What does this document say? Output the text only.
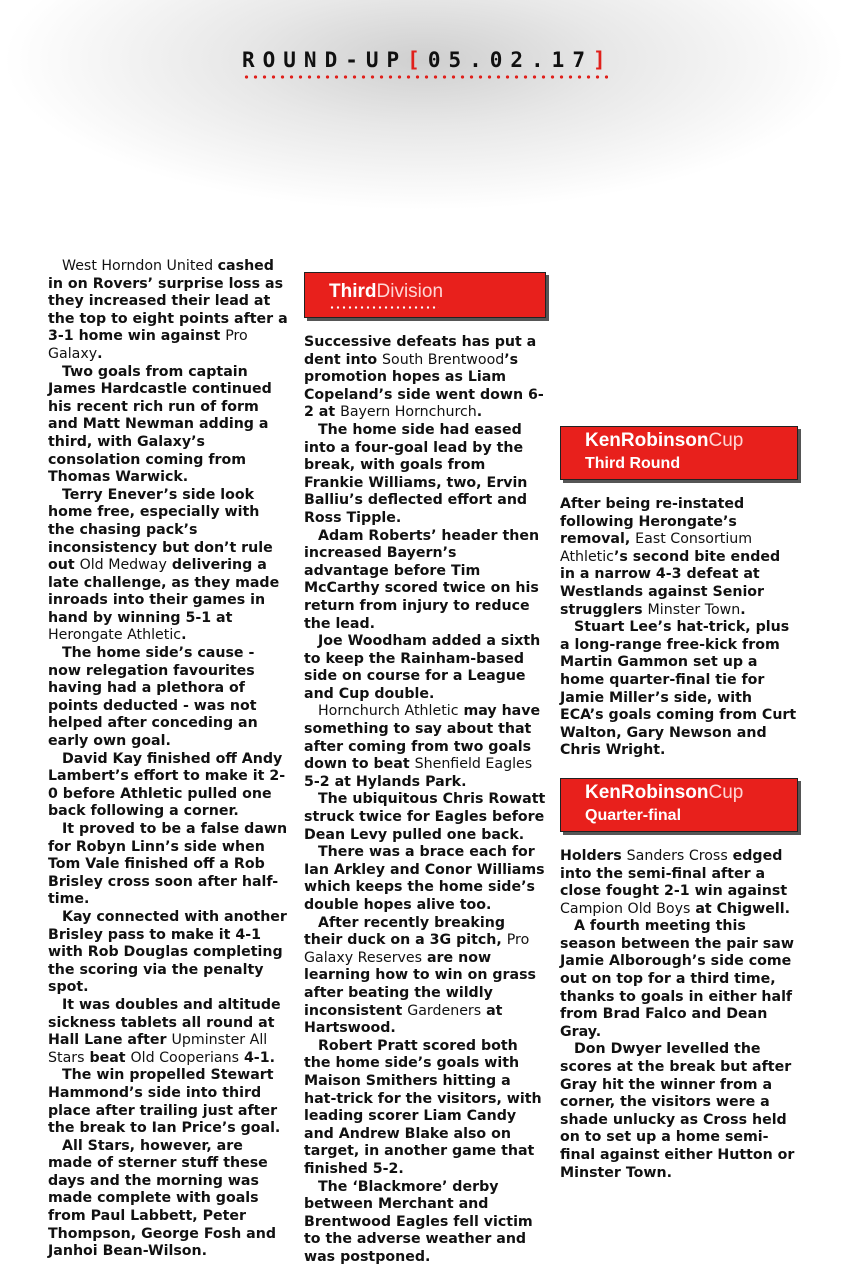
ROUND-UP[05.02.17]

West Horndon United cashed in on Rovers’ surprise loss as they increased their lead at the top to eight points after a 3-1 home win against Pro Galaxy.

Two goals from captain James Hardcastle continued his recent rich run of form and Matt Newman adding a third, with Galaxy’s consolation coming from Thomas Warwick.

Terry Enever’s side look home free, especially with the chasing pack’s inconsistency but don’t rule out Old Medway delivering a late challenge, as they made inroads into their games in hand by winning 5-1 at Herongate Athletic.

The home side’s cause - now relegation favourites having had a plethora of points deducted - was not helped after conceding an early own goal.

David Kay finished off Andy Lambert’s effort to make it 2-0 before Athletic pulled one back following a corner.

It proved to be a false dawn for Robyn Linn’s side when Tom Vale finished off a Rob Brisley cross soon after half-time.

Kay connected with another Brisley pass to make it 4-1 with Rob Douglas completing the scoring via the penalty spot.

It was doubles and altitude sickness tablets all round at Hall Lane after Upminster All Stars beat Old Cooperians 4-1.

The win propelled Stewart Hammond’s side into third place after trailing just after the break to Ian Price’s goal.

All Stars, however, are made of sterner stuff these days and the morning was made complete with goals from Paul Labbett, Peter Thompson, George Fosh and Janhoi Bean-Wilson.

ThirdDivision

Successive defeats has put a dent into South Brentwood’s promotion hopes as Liam Copeland’s side went down 6-2 at Bayern Hornchurch.

The home side had eased into a four-goal lead by the break, with goals from Frankie Williams, two, Ervin Balliu’s deflected effort and Ross Tipple.

Adam Roberts’ header then increased Bayern’s advantage before Tim McCarthy scored twice on his return from injury to reduce the lead.

Joe Woodham added a sixth to keep the Rainham-based side on course for a League and Cup double.

Hornchurch Athletic may have something to say about that after coming from two goals down to beat Shenfield Eagles 5-2 at Hylands Park.

The ubiquitous Chris Rowatt struck twice for Eagles before Dean Levy pulled one back.

There was a brace each for Ian Arkley and Conor Williams which keeps the home side’s double hopes alive too.

After recently breaking their duck on a 3G pitch, Pro Galaxy Reserves are now learning how to win on grass after beating the wildly inconsistent Gardeners at Hartswood.

Robert Pratt scored both the home side’s goals with Maison Smithers hitting a hat-trick for the visitors, with leading scorer Liam Candy and Andrew Blake also on target, in another game that finished 5-2.

The ‘Blackmore’ derby between Merchant and Brentwood Eagles fell victim to the adverse weather and was postponed.

KenRobinsonCup
Third Round

After being re-instated following Herongate’s removal, East Consortium Athletic’s second bite ended in a narrow 4-3 defeat at Westlands against Senior strugglers Minster Town.

Stuart Lee’s hat-trick, plus a long-range free-kick from Martin Gammon set up a home quarter-final tie for Jamie Miller’s side, with ECA’s goals coming from Curt Walton, Gary Newson and Chris Wright.

KenRobinsonCup
Quarter-final

Holders Sanders Cross edged into the semi-final after a close fought 2-1 win against Campion Old Boys at Chigwell.

A fourth meeting this season between the pair saw Jamie Alborough’s side come out on top for a third time, thanks to goals in either half from Brad Falco and Dean Gray.

Don Dwyer levelled the scores at the break but after Gray hit the winner from a corner, the visitors were a shade unlucky as Cross held on to set up a home semi-final against either Hutton or Minster Town.
